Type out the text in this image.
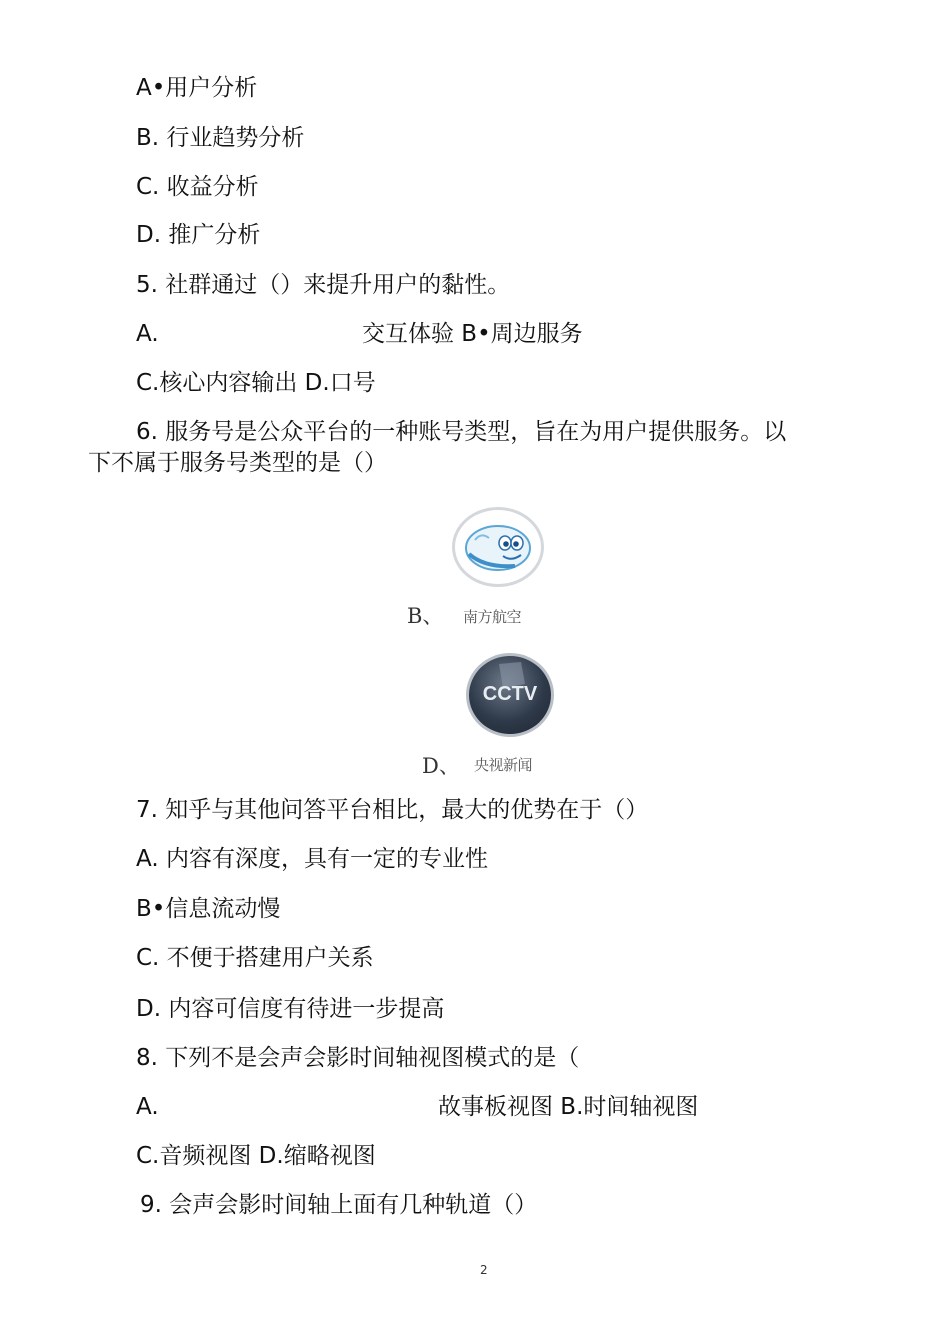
A•用户分析
B. 行业趋势分析
C. 收益分析
D. 推广分析
5. 社群通过（）来提升用户的黏性。
A.	交互体验 B•周边服务
C.核心内容输出 D.口号
6. 服务号是公众平台的一种账号类型，旨在为用户提供服务。以
下不属于服务号类型的是（）
B、 南方航空
CCTV
D、 央视新闻
7. 知乎与其他问答平台相比，最大的优势在于（）
A. 内容有深度，具有一定的专业性
B•信息流动慢
C. 不便于搭建用户关系
D. 内容可信度有待进一步提高
8. 下列不是会声会影时间轴视图模式的是（
A.	故事板视图 B.时间轴视图
C.音频视图 D.缩略视图
9. 会声会影时间轴上面有几种轨道（）
2
